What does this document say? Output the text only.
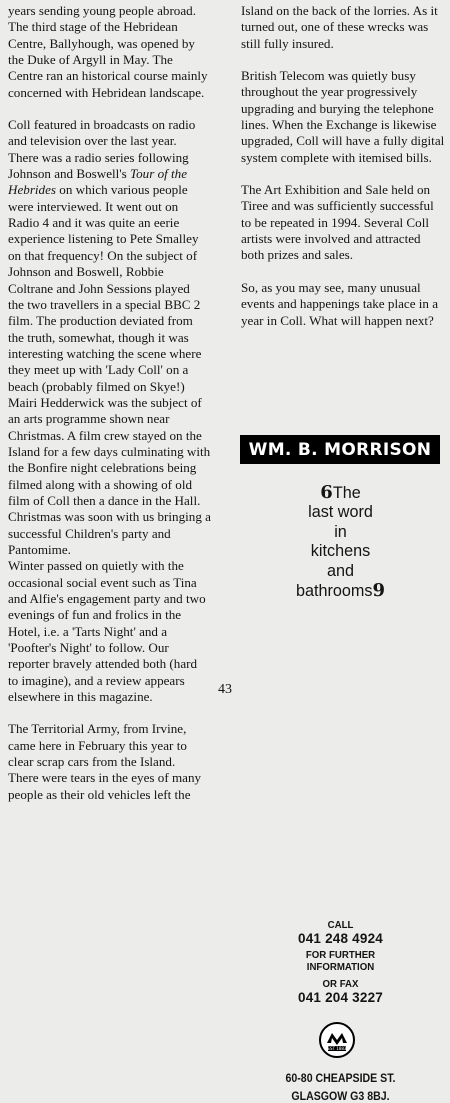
years sending young people abroad.
The third stage of the Hebridean
Centre, Ballyhough, was opened by
the Duke of Argyll in May. The
Centre ran an historical course mainly
concerned with Hebridean landscape.
Coll featured in broadcasts on radio
and television over the last year.
There was a radio series following
Johnson and Boswell's Tour of the
Hebrides on which various people
were interviewed. It went out on
Radio 4 and it was quite an eerie
experience listening to Pete Smalley
on that frequency! On the subject of
Johnson and Boswell, Robbie
Coltrane and John Sessions played
the two travellers in a special BBC 2
film. The production deviated from
the truth, somewhat, though it was
interesting watching the scene where
they meet up with 'Lady Coll' on a
beach (probably filmed on Skye!)
Mairi Hedderwick was the subject of
an arts programme shown near
Christmas. A film crew stayed on the
Island for a few days culminating with
the Bonfire night celebrations being
filmed along with a showing of old
film of Coll then a dance in the Hall.
Christmas was soon with us bringing a
successful Children's party and
Pantomime.
Winter passed on quietly with the
occasional social event such as Tina
and Alfie's engagement party and two
evenings of fun and frolics in the
Hotel, i.e. a 'Tarts Night' and a
'Poofter's Night' to follow. Our
reporter bravely attended both (hard
to imagine), and a review appears
elsewhere in this magazine.
The Territorial Army, from Irvine,
came here in February this year to
clear scrap cars from the Island.
There were tears in the eyes of many
people as their old vehicles left the
Island on the back of the lorries. As it
turned out, one of these wrecks was
still fully insured.
British Telecom was quietly busy
throughout the year progressively
upgrading and burying the telephone
lines. When the Exchange is likewise
upgraded, Coll will have a fully digital
system complete with itemised bills.
The Art Exhibition and Sale held on
Tiree and was sufficiently successful
to be repeated in 1994. Several Coll
artists were involved and attracted
both prizes and sales.
So, as you may see, many unusual
events and happenings take place in a
year in Coll. What will happen next?
WM. B. MORRISON
6The
last word
in
kitchens
and
bathrooms9
CALL
041 248 4924
FOR FURTHER
INFORMATION
OR FAX
041 204 3227
EST 1883
60-80 CHEAPSIDE ST.
GLASGOW G3 8BJ.
43
